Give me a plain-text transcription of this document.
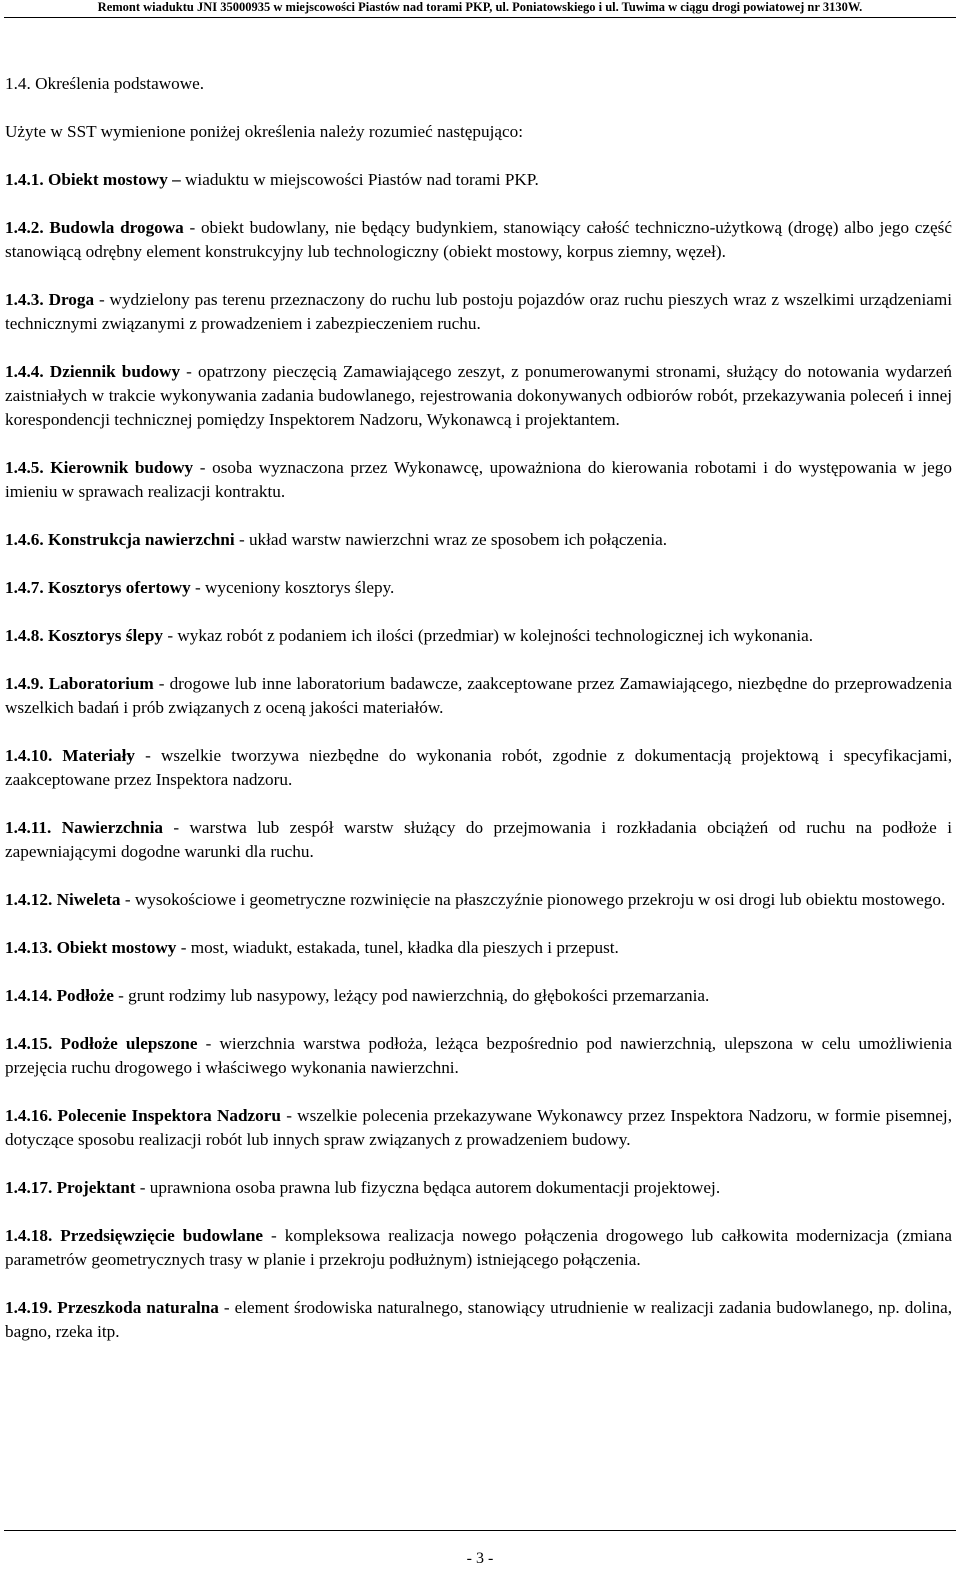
Remont wiaduktu JNI 35000935 w miejscowości Piastów nad torami PKP, ul. Poniatowskiego i ul. Tuwima w ciągu drogi powiatowej nr 3130W.

1.4. Określenia podstawowe.

Użyte w SST wymienione poniżej określenia należy rozumieć następująco:

1.4.1. Obiekt mostowy – wiaduktu w miejscowości Piastów nad torami PKP.

1.4.2. Budowla drogowa - obiekt budowlany, nie będący budynkiem, stanowiący całość techniczno-użytkową (drogę) albo jego część stanowiącą odrębny element konstrukcyjny lub technologiczny (obiekt mostowy, korpus ziemny, węzeł).

1.4.3. Droga - wydzielony pas terenu przeznaczony do ruchu lub postoju pojazdów oraz ruchu pieszych wraz z wszelkimi urządzeniami technicznymi związanymi z prowadzeniem i zabezpieczeniem ruchu.

1.4.4. Dziennik budowy - opatrzony pieczęcią Zamawiającego zeszyt, z ponumerowanymi stronami, służący do notowania wydarzeń zaistniałych w trakcie wykonywania zadania budowlanego, rejestrowania dokonywanych odbiorów robót, przekazywania poleceń i innej korespondencji technicznej pomiędzy Inspektorem Nadzoru, Wykonawcą i projektantem.

1.4.5. Kierownik budowy - osoba wyznaczona przez Wykonawcę, upoważniona do kierowania robotami i do występowania w jego imieniu w sprawach realizacji kontraktu.

1.4.6. Konstrukcja nawierzchni - układ warstw nawierzchni wraz ze sposobem ich połączenia.

1.4.7. Kosztorys ofertowy - wyceniony kosztorys ślepy.

1.4.8. Kosztorys ślepy - wykaz robót z podaniem ich ilości (przedmiar) w kolejności technologicznej ich wykonania.

1.4.9. Laboratorium - drogowe lub inne laboratorium badawcze, zaakceptowane przez Zamawiającego, niezbędne do przeprowadzenia wszelkich badań i prób związanych z oceną jakości materiałów.

1.4.10. Materiały - wszelkie tworzywa niezbędne do wykonania robót, zgodnie z dokumentacją projektową i specyfikacjami, zaakceptowane przez Inspektora nadzoru.

1.4.11. Nawierzchnia - warstwa lub zespół warstw służący do przejmowania i rozkładania obciążeń od ruchu na podłoże i zapewniającymi dogodne warunki dla ruchu.

1.4.12. Niweleta - wysokościowe i geometryczne rozwinięcie na płaszczyźnie pionowego przekroju w osi drogi lub obiektu mostowego.

1.4.13. Obiekt mostowy - most, wiadukt, estakada, tunel, kładka dla pieszych i przepust.

1.4.14. Podłoże - grunt rodzimy lub nasypowy, leżący pod nawierzchnią, do głębokości przemarzania.

1.4.15. Podłoże ulepszone - wierzchnia warstwa podłoża, leżąca bezpośrednio pod nawierzchnią, ulepszona w celu umożliwienia przejęcia ruchu drogowego i właściwego wykonania nawierzchni.

1.4.16. Polecenie Inspektora Nadzoru - wszelkie polecenia przekazywane Wykonawcy przez Inspektora Nadzoru, w formie pisemnej, dotyczące sposobu realizacji robót lub innych spraw związanych z prowadzeniem budowy.

1.4.17. Projektant - uprawniona osoba prawna lub fizyczna będąca autorem dokumentacji projektowej.

1.4.18. Przedsięwzięcie budowlane - kompleksowa realizacja nowego połączenia drogowego lub całkowita modernizacja (zmiana parametrów geometrycznych trasy w planie i przekroju podłużnym) istniejącego połączenia.

1.4.19. Przeszkoda naturalna - element środowiska naturalnego, stanowiący utrudnienie w realizacji zadania budowlanego, np. dolina, bagno, rzeka itp.

- 3 -
